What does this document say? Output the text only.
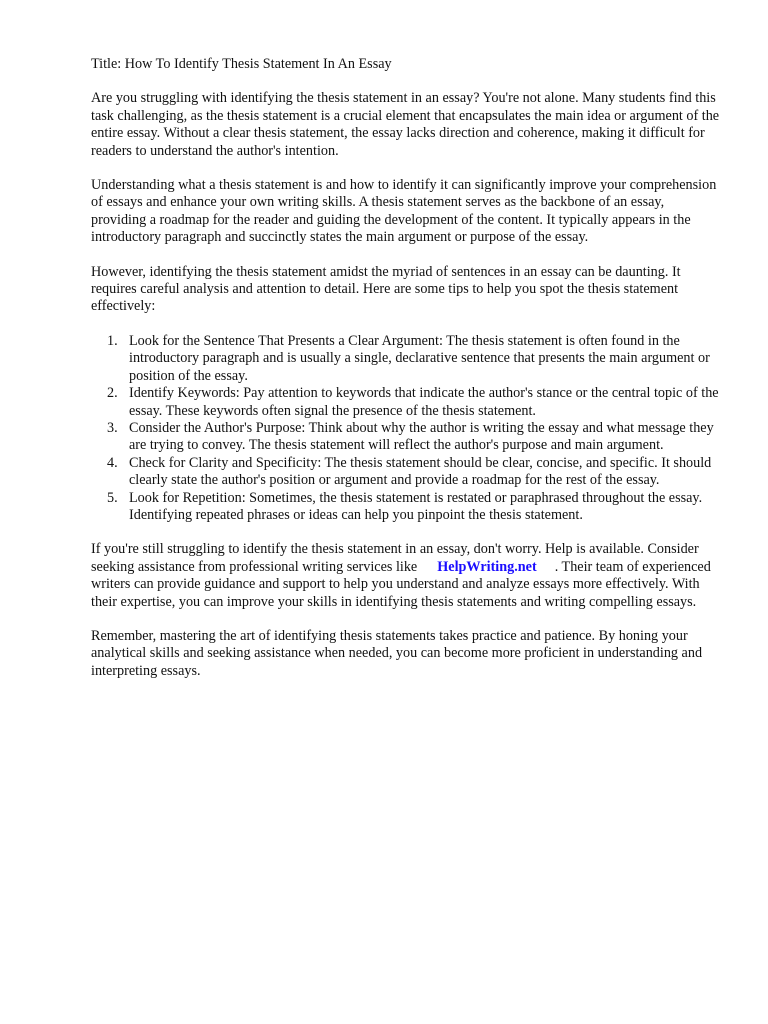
Title: How To Identify Thesis Statement In An Essay

Are you struggling with identifying the thesis statement in an essay? You're not alone. Many students find this task challenging, as the thesis statement is a crucial element that encapsulates the main idea or argument of the entire essay. Without a clear thesis statement, the essay lacks direction and coherence, making it difficult for readers to understand the author's intention.

Understanding what a thesis statement is and how to identify it can significantly improve your comprehension of essays and enhance your own writing skills. A thesis statement serves as the backbone of an essay, providing a roadmap for the reader and guiding the development of the content. It typically appears in the introductory paragraph and succinctly states the main argument or purpose of the essay.

However, identifying the thesis statement amidst the myriad of sentences in an essay can be daunting. It requires careful analysis and attention to detail. Here are some tips to help you spot the thesis statement effectively:

1. Look for the Sentence That Presents a Clear Argument: The thesis statement is often found in the introductory paragraph and is usually a single, declarative sentence that presents the main argument or position of the essay.
2. Identify Keywords: Pay attention to keywords that indicate the author's stance or the central topic of the essay. These keywords often signal the presence of the thesis statement.
3. Consider the Author's Purpose: Think about why the author is writing the essay and what message they are trying to convey. The thesis statement will reflect the author's purpose and main argument.
4. Check for Clarity and Specificity: The thesis statement should be clear, concise, and specific. It should clearly state the author's position or argument and provide a roadmap for the rest of the essay.
5. Look for Repetition: Sometimes, the thesis statement is restated or paraphrased throughout the essay. Identifying repeated phrases or ideas can help you pinpoint the thesis statement.

If you're still struggling to identify the thesis statement in an essay, don't worry. Help is available. Consider seeking assistance from professional writing services like HelpWriting.net . Their team of experienced writers can provide guidance and support to help you understand and analyze essays more effectively. With their expertise, you can improve your skills in identifying thesis statements and writing compelling essays.

Remember, mastering the art of identifying thesis statements takes practice and patience. By honing your analytical skills and seeking assistance when needed, you can become more proficient in understanding and interpreting essays.
